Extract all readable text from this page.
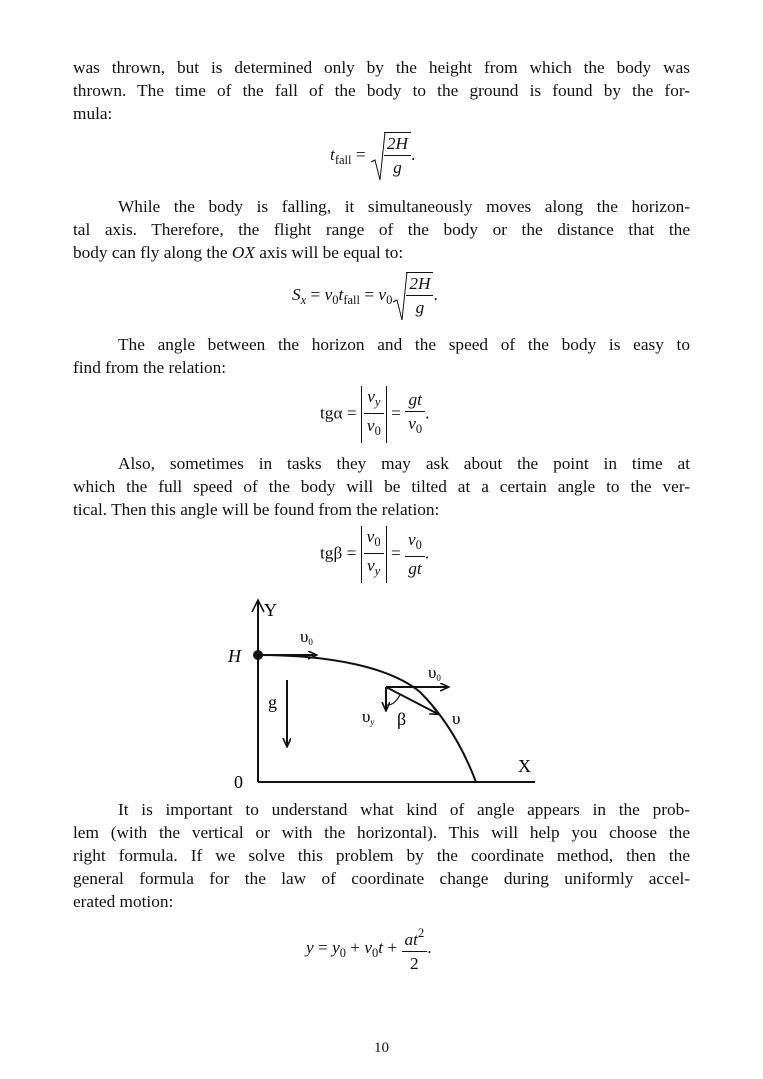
was thrown, but is determined only by the height from which the body was
thrown. The time of the fall of the body to the ground is found by the for-
mula:
$t_{fall} = \frac{2H}{g}$ .
While the body is falling, it simultaneously moves along the horizon-
tal axis. Therefore, the flight range of the body or the distance that the
body can fly along the OX axis will be equal to:
$S_x = v_0t_{fall} = v_0 \frac{2H}{g}$ .
The angle between the horizon and the speed of the body is easy to
find from the relation:
$tg\alpha = \frac{v_y}{v_0} = \frac{gt}{v_0}$ .
Also, sometimes in tasks they may ask about the point in time at
which the full speed of the body will be tilted at a certain angle to the ver-
tical. Then this angle will be found from the relation:
$tg\beta = \frac{v_0}{v_y} = \frac{v_0}{gt}$ .
Y
X
0
H
g
υ0
υ0
υy β	υ
It is important to understand what kind of angle appears in the prob-
lem (with the vertical or with the horizontal). This will help you choose the
right formula. If we solve this problem by the coordinate method, then the
general formula for the law of coordinate change during uniformly accel-
erated motion:
$y = y_0 + v_0t + \frac{at^2}{2}$ .
10
